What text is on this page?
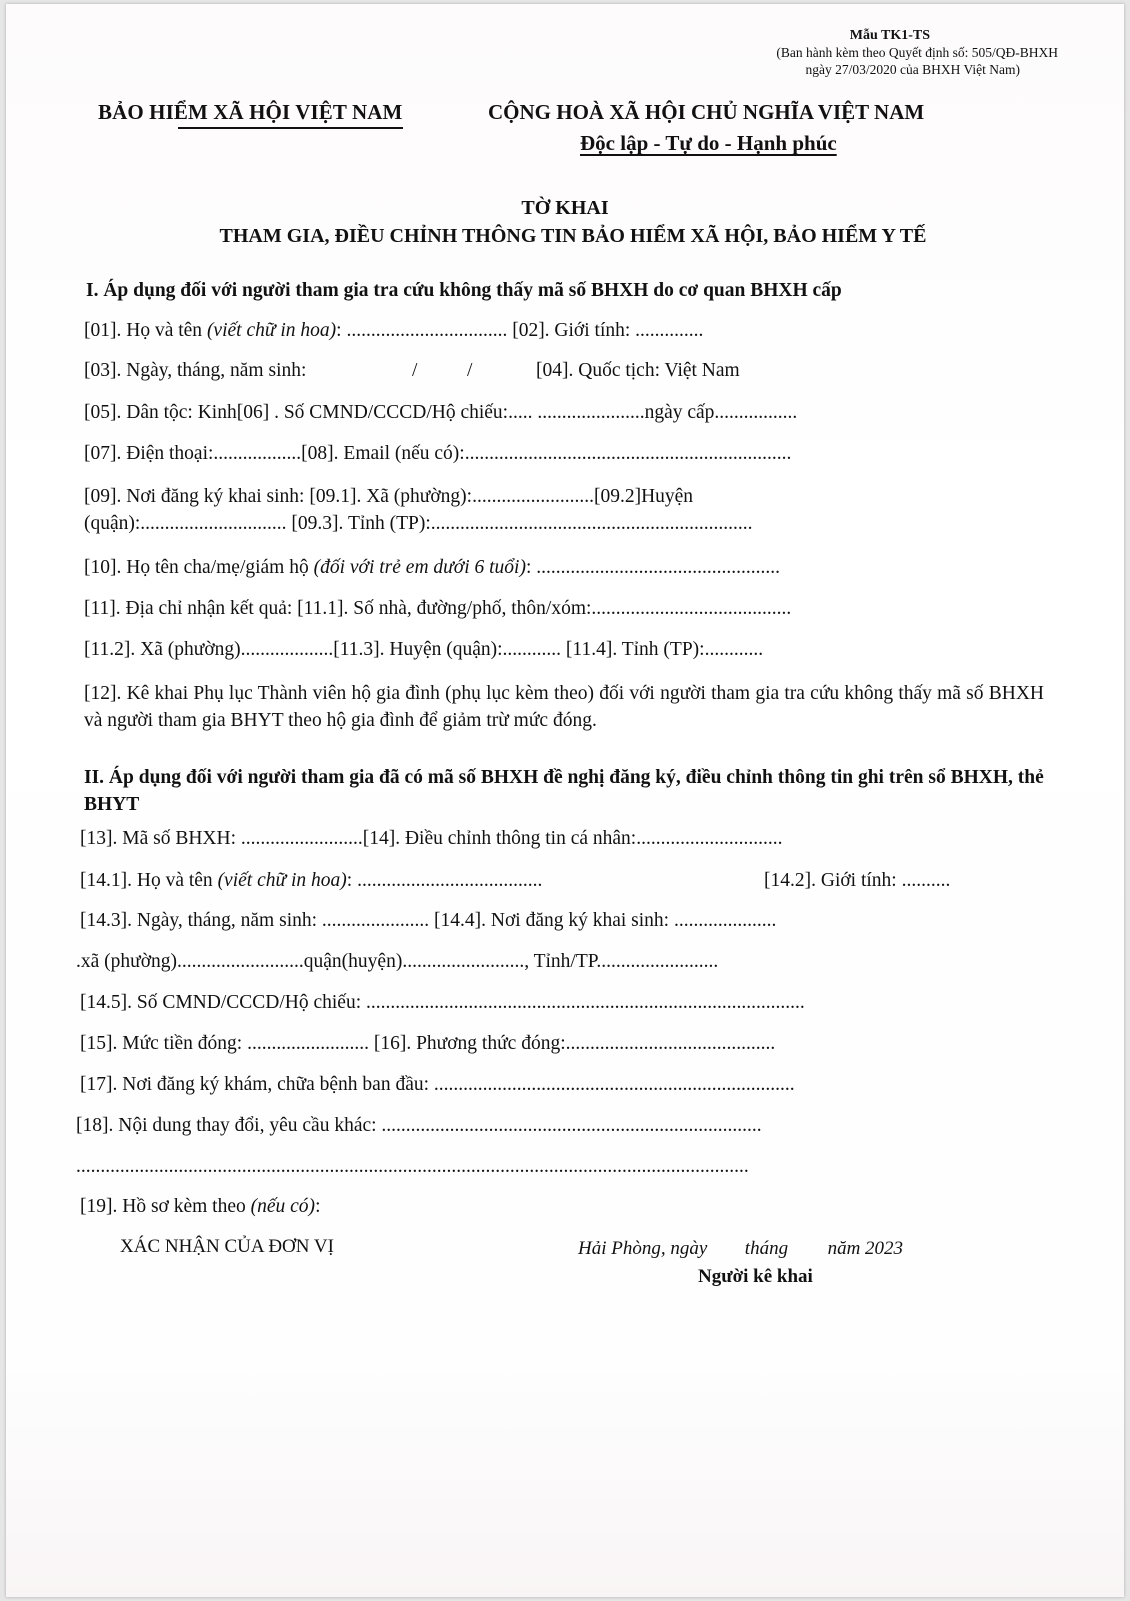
Mẫu TK1-TS
(Ban hành kèm theo Quyết định số: 505/QĐ-BHXH
ngày 27/03/2020 của BHXH Việt Nam)
BẢO HIỂM XÃ HỘI VIỆT NAM	CỘNG HOÀ XÃ HỘI CHỦ NGHĨA VIỆT NAM
Độc lập - Tự do - Hạnh phúc
TỜ KHAI
THAM GIA, ĐIỀU CHỈNH THÔNG TIN BẢO HIỂM XÃ HỘI, BẢO HIỂM Y TẾ
I. Áp dụng đối với người tham gia tra cứu không thấy mã số BHXH do cơ quan BHXH cấp
[01]. Họ và tên (viết chữ in hoa): ................................. [02]. Giới tính: ..............
[03]. Ngày, tháng, năm sinh:	/	/	[04]. Quốc tịch: Việt Nam
[05]. Dân tộc: Kinh[06] . Số CMND/CCCD/Hộ chiếu:..... ......................ngày cấp.................
[07]. Điện thoại:..................[08]. Email (nếu có):...................................................................
[09]. Nơi đăng ký khai sinh: [09.1]. Xã (phường):.........................[09.2]Huyện
(quận):.............................. [09.3]. Tỉnh (TP):..................................................................
[10]. Họ tên cha/mẹ/giám hộ (đối với trẻ em dưới 6 tuổi): ..................................................
[11]. Địa chỉ nhận kết quả: [11.1]. Số nhà, đường/phố, thôn/xóm:.........................................
[11.2]. Xã (phường)...................[11.3]. Huyện (quận):............ [11.4]. Tỉnh (TP):............
[12]. Kê khai Phụ lục Thành viên hộ gia đình (phụ lục kèm theo) đối với người tham gia tra cứu không thấy mã số BHXH và người tham gia BHYT theo hộ gia đình để giảm trừ mức đóng.
II. Áp dụng đối với người tham gia đã có mã số BHXH đề nghị đăng ký, điều chỉnh thông tin ghi trên sổ BHXH, thẻ BHYT
[13]. Mã số BHXH: .........................[14]. Điều chỉnh thông tin cá nhân:..............................
[14.1]. Họ và tên (viết chữ in hoa): ......................................	[14.2]. Giới tính: ..........
[14.3]. Ngày, tháng, năm sinh: ...................... [14.4]. Nơi đăng ký khai sinh: .....................
.xã (phường)..........................quận(huyện)........................., Tỉnh/TP.........................
[14.5]. Số CMND/CCCD/Hộ chiếu: ..........................................................................................
[15]. Mức tiền đóng: ......................... [16]. Phương thức đóng:...........................................
[17]. Nơi đăng ký khám, chữa bệnh ban đầu: ..........................................................................
[18]. Nội dung thay đổi, yêu cầu khác: ..............................................................................
..........................................................................................................................................
[19]. Hồ sơ kèm theo (nếu có):
XÁC NHẬN CỦA ĐƠN VỊ	Hải Phòng, ngày tháng năm 2023
Người kê khai
